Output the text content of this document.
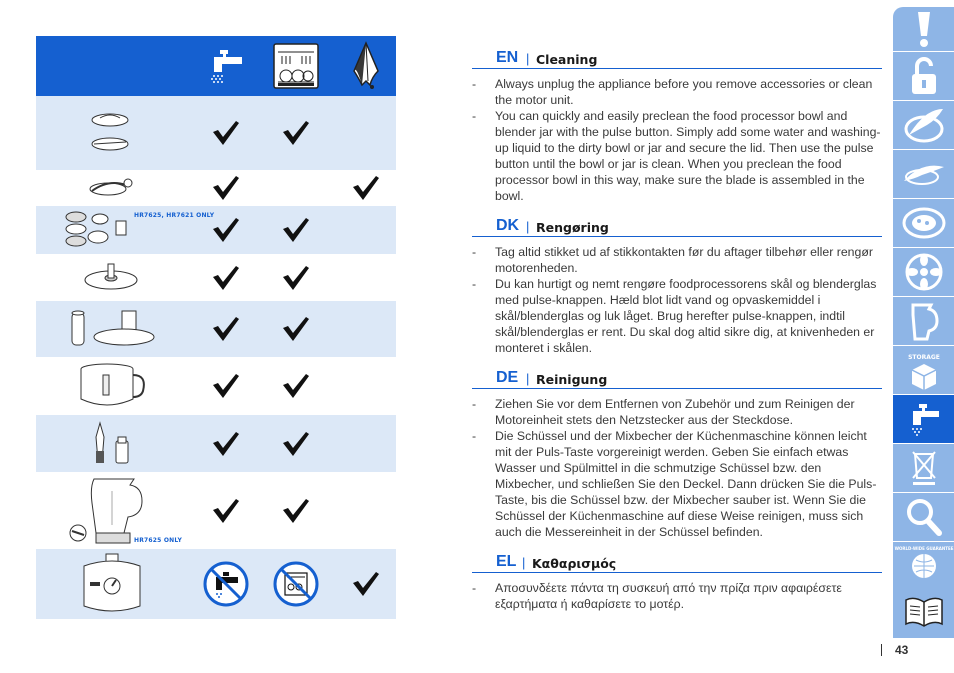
HR7625, HR7621 ONLY
HR7625 ONLY
EN | Cleaning
- Always unplug the appliance before you remove accessories or clean the motor unit.
- You can quickly and easily preclean the food processor bowl and blender jar with the pulse button. Simply add some water and washing-up liquid to the dirty bowl or jar and secure the lid. Then use the pulse button until the bowl or jar is clean. When you preclean the food processor bowl in this way, make sure the blade is assembled in the bowl.
DK | Rengøring
- Tag altid stikket ud af stikkontakten før du aftager tilbehør eller rengør motorenheden.
- Du kan hurtigt og nemt rengøre foodprocessorens skål og blenderglas med pulse-knappen. Hæld blot lidt vand og opvaskemiddel i skål/blenderglas og luk låget. Brug herefter pulse-knappen, indtil skål/blenderglas er rent. Du skal dog altid sikre dig, at knivenheden er monteret i skålen.
DE | Reinigung
- Ziehen Sie vor dem Entfernen von Zubehör und zum Reinigen der Motoreinheit stets den Netzstecker aus der Steckdose.
- Die Schüssel und der Mixbecher der Küchenmaschine können leicht mit der Puls-Taste vorgereinigt werden. Geben Sie einfach etwas Wasser und Spülmittel in die schmutzige Schüssel bzw. den Mixbecher, und schließen Sie den Deckel. Dann drücken Sie die Puls-Taste, bis die Schüssel bzw. der Mixbecher sauber ist. Wenn Sie die Schüssel der Küchenmaschine auf diese Weise reinigen, muss sich auch die Messereinheit in der Schüssel befinden.
EL | Καθαρισμός
- Αποσυνδέετε πάντα τη συσκευή από την πρίζα πριν αφαιρέσετε εξαρτήματα ή καθαρίσετε το μοτέρ.
STORAGE
WORLD-WIDE GUARANTEE
43
